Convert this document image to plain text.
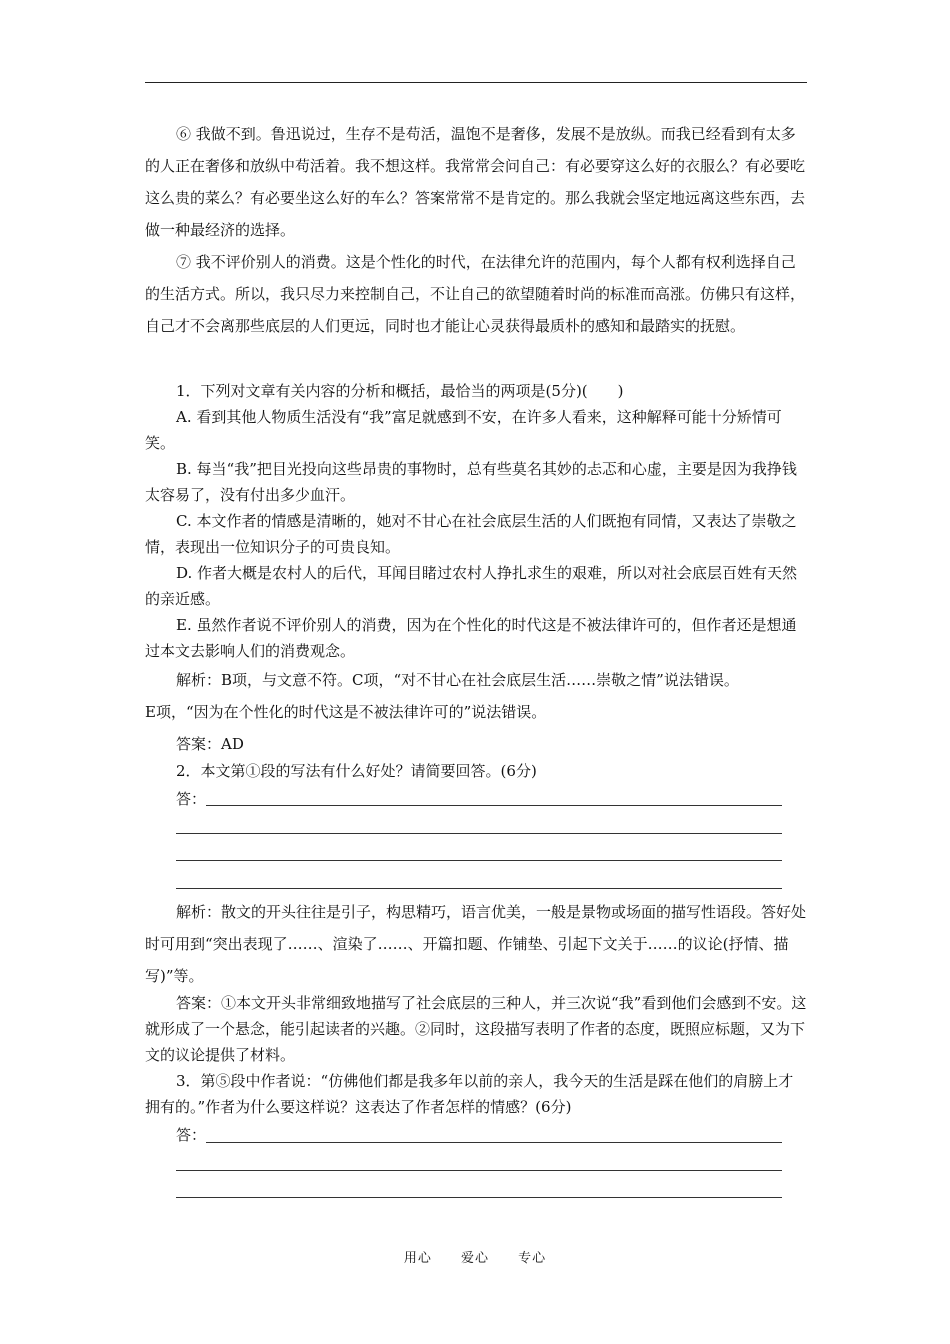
⑥ 我做不到。鲁迅说过，生存不是苟活，温饱不是奢侈，发展不是放纵。而我已经看到有太多的人正在奢侈和放纵中苟活着。我不想这样。我常常会问自己：有必要穿这么好的衣服么？有必要吃这么贵的菜么？有必要坐这么好的车么？答案常常不是肯定的。那么我就会坚定地远离这些东西，去做一种最经济的选择。

⑦ 我不评价别人的消费。这是个性化的时代，在法律允许的范围内，每个人都有权利选择自己的生活方式。所以，我只尽力来控制自己，不让自己的欲望随着时尚的标准而高涨。仿佛只有这样，自己才不会离那些底层的人们更远，同时也才能让心灵获得最质朴的感知和最踏实的抚慰。

1．下列对文章有关内容的分析和概括，最恰当的两项是(5分)(　　)

A. 看到其他人物质生活没有“我”富足就感到不安，在许多人看来，这种解释可能十分矫情可笑。

B. 每当“我”把目光投向这些昂贵的事物时，总有些莫名其妙的忐忑和心虚，主要是因为我挣钱太容易了，没有付出多少血汗。

C. 本文作者的情感是清晰的，她对不甘心在社会底层生活的人们既抱有同情，又表达了崇敬之情，表现出一位知识分子的可贵良知。

D. 作者大概是农村人的后代，耳闻目睹过农村人挣扎求生的艰难，所以对社会底层百姓有天然的亲近感。

E. 虽然作者说不评价别人的消费，因为在个性化的时代这是不被法律许可的，但作者还是想通过本文去影响人们的消费观念。

解析：B项，与文意不符。C项，“对不甘心在社会底层生活……崇敬之情”说法错误。

E项，“因为在个性化的时代这是不被法律许可的”说法错误。

答案：AD

2．本文第①段的写法有什么好处？请简要回答。(6分)

答：

解析：散文的开头往往是引子，构思精巧，语言优美，一般是景物或场面的描写性语段。答好处时可用到“突出表现了……、渲染了……、开篇扣题、作铺垫、引起下文关于……的议论(抒情、描写)”等。

答案：①本文开头非常细致地描写了社会底层的三种人，并三次说“我”看到他们会感到不安。这就形成了一个悬念，能引起读者的兴趣。②同时，这段描写表明了作者的态度，既照应标题，又为下文的议论提供了材料。

3．第⑤段中作者说：“仿佛他们都是我多年以前的亲人，我今天的生活是踩在他们的肩膀上才拥有的。”作者为什么要这样说？这表达了作者怎样的情感？(6分)

答：
用心 爱心 专心
